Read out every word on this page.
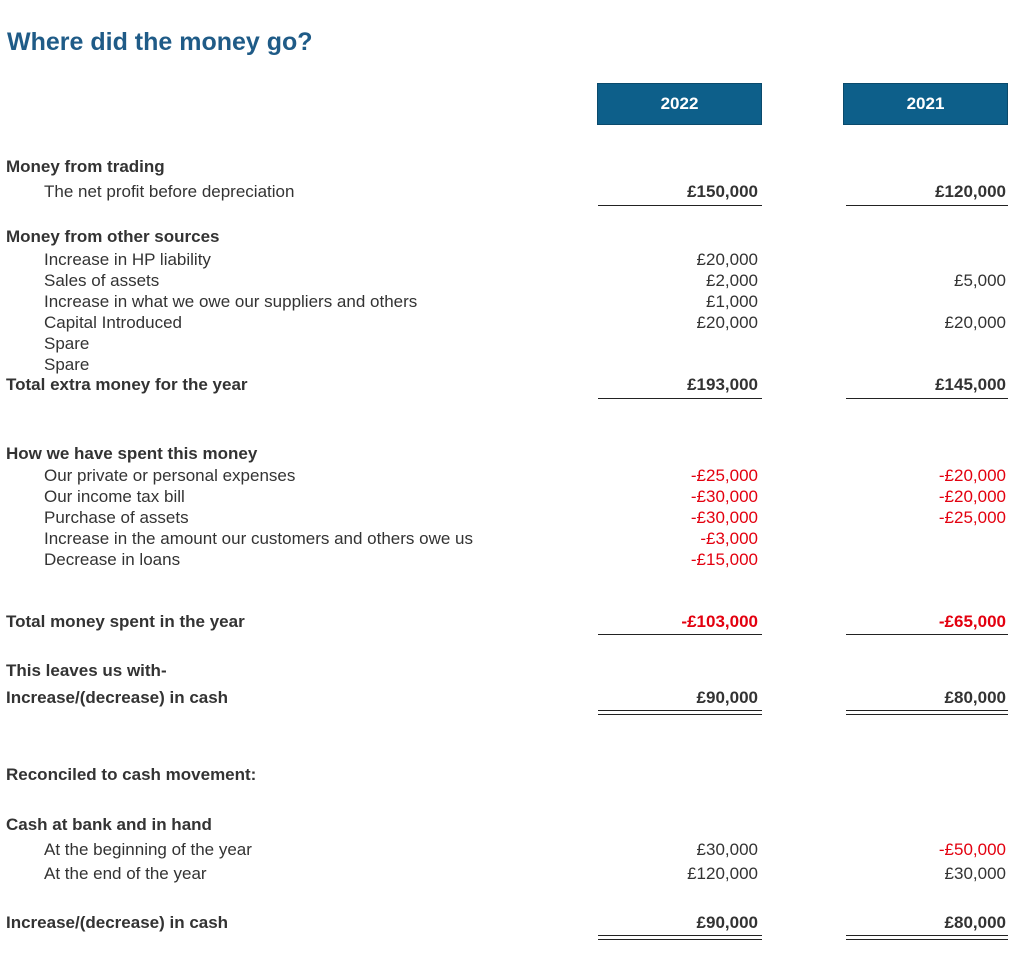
Where did the money go?
2022	2021
Money from trading
The net profit before depreciation	£150,000	£120,000
Money from other sources
Increase in HP liability	£20,000
Sales of assets	£2,000	£5,000
Increase in what we owe our suppliers and others	£1,000
Capital Introduced	£20,000	£20,000
Spare
Spare
Total extra money for the year	£193,000	£145,000
How we have spent this money
Our private or personal expenses	-£25,000	-£20,000
Our income tax bill	-£30,000	-£20,000
Purchase of assets	-£30,000	-£25,000
Increase in the amount our customers and others owe us	-£3,000
Decrease in loans	-£15,000
Total money spent in the year	-£103,000	-£65,000
This leaves us with-
Increase/(decrease) in cash	£90,000	£80,000
Reconciled to cash movement:
Cash at bank and in hand
At the beginning of the year	£30,000	-£50,000
At the end of the year	£120,000	£30,000
Increase/(decrease) in cash	£90,000	£80,000
